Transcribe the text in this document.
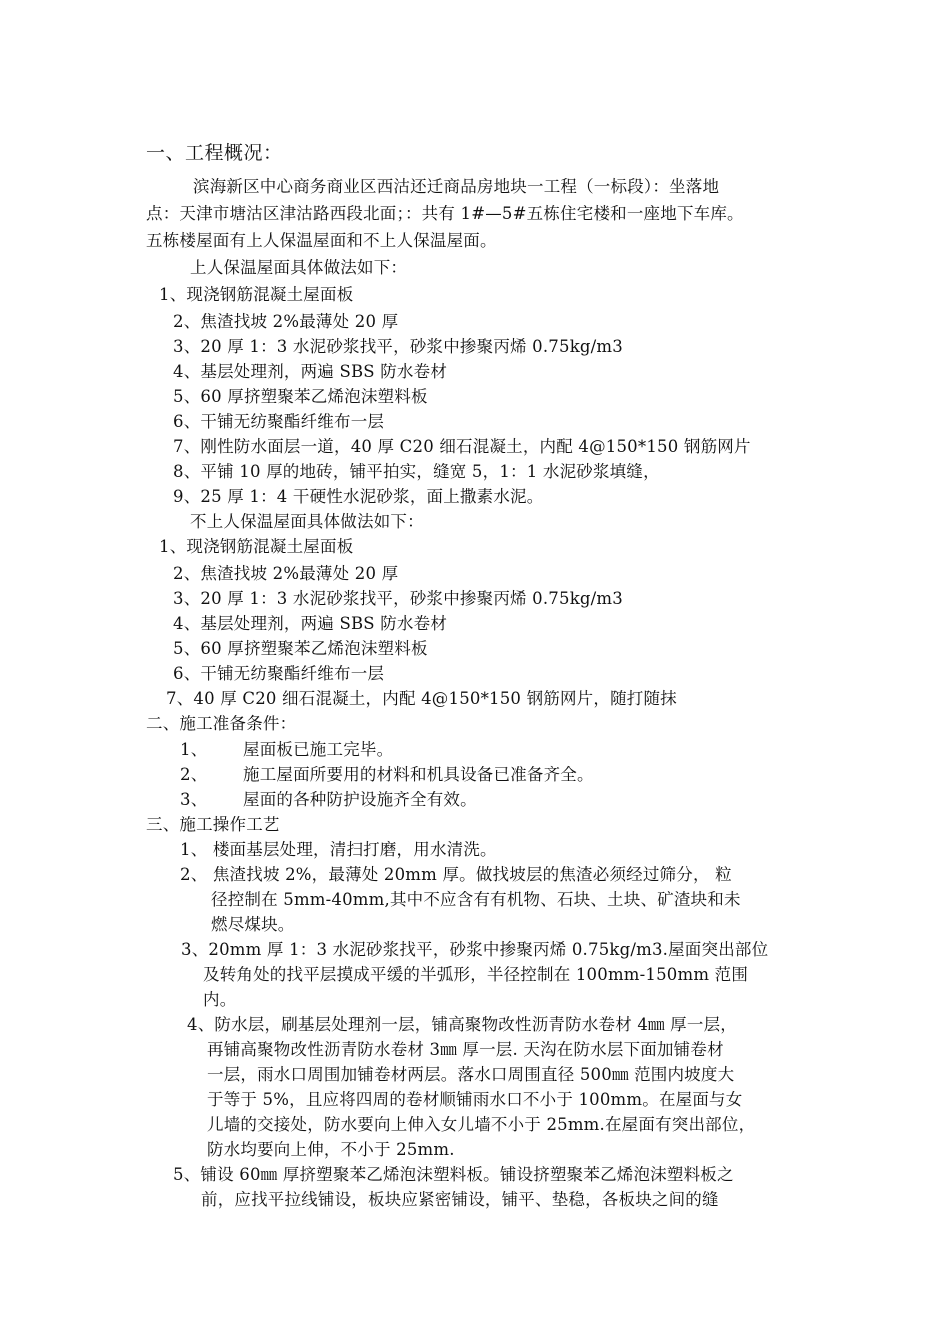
一、工程概况：
滨海新区中心商务商业区西沽还迁商品房地块一工程（一标段）：坐落地
点：天津市塘沽区津沽路西段北面；：共有 1#—5#五栋住宅楼和一座地下车库。
五栋楼屋面有上人保温屋面和不上人保温屋面。
上人保温屋面具体做法如下：
1、现浇钢筋混凝土屋面板
2、焦渣找坡 2%最薄处 20 厚
3、20 厚 1：3 水泥砂浆找平，砂浆中掺聚丙烯 0.75kg/m3
4、基层处理剂，两遍 SBS 防水卷材
5、60 厚挤塑聚苯乙烯泡沫塑料板
6、干铺无纺聚酯纤维布一层
7、刚性防水面层一道，40 厚 C20 细石混凝土，内配 4@150*150 钢筋网片
8、平铺 10 厚的地砖，铺平拍实，缝宽 5，1：1 水泥砂浆填缝，
9、25 厚 1：4 干硬性水泥砂浆，面上撒素水泥。
不上人保温屋面具体做法如下：
1、现浇钢筋混凝土屋面板
2、焦渣找坡 2%最薄处 20 厚
3、20 厚 1：3 水泥砂浆找平，砂浆中掺聚丙烯 0.75kg/m3
4、基层处理剂，两遍 SBS 防水卷材
5、60 厚挤塑聚苯乙烯泡沫塑料板
6、干铺无纺聚酯纤维布一层
7、40 厚 C20 细石混凝土，内配 4@150*150 钢筋网片，随打随抹
二、施工准备条件：
1、 屋面板已施工完毕。
2、 施工屋面所要用的材料和机具设备已准备齐全。
3、 屋面的各种防护设施齐全有效。
三、施工操作工艺
1、 楼面基层处理，清扫打磨，用水清洗。
2、 焦渣找坡 2%，最薄处 20mm 厚。做找坡层的焦渣必须经过筛分， 粒
径控制在 5mm-40mm,其中不应含有有机物、石块、土块、矿渣块和未
燃尽煤块。
3、20mm 厚 1：3 水泥砂浆找平，砂浆中掺聚丙烯 0.75kg/m3.屋面突出部位
及转角处的找平层摸成平缓的半弧形，半径控制在 100mm-150mm 范围
内。
4、防水层，刷基层处理剂一层，铺高聚物改性沥青防水卷材 4㎜ 厚一层，
再铺高聚物改性沥青防水卷材 3㎜ 厚一层. 天沟在防水层下面加铺卷材
一层，雨水口周围加铺卷材两层。落水口周围直径 500㎜ 范围内坡度大
于等于 5%，且应将四周的卷材顺铺雨水口不小于 100mm。在屋面与女
儿墙的交接处，防水要向上伸入女儿墙不小于 25mm.在屋面有突出部位，
防水均要向上伸，不小于 25mm.
5、铺设 60㎜ 厚挤塑聚苯乙烯泡沫塑料板。铺设挤塑聚苯乙烯泡沫塑料板之
前，应找平拉线铺设，板块应紧密铺设，铺平、垫稳，各板块之间的缝
